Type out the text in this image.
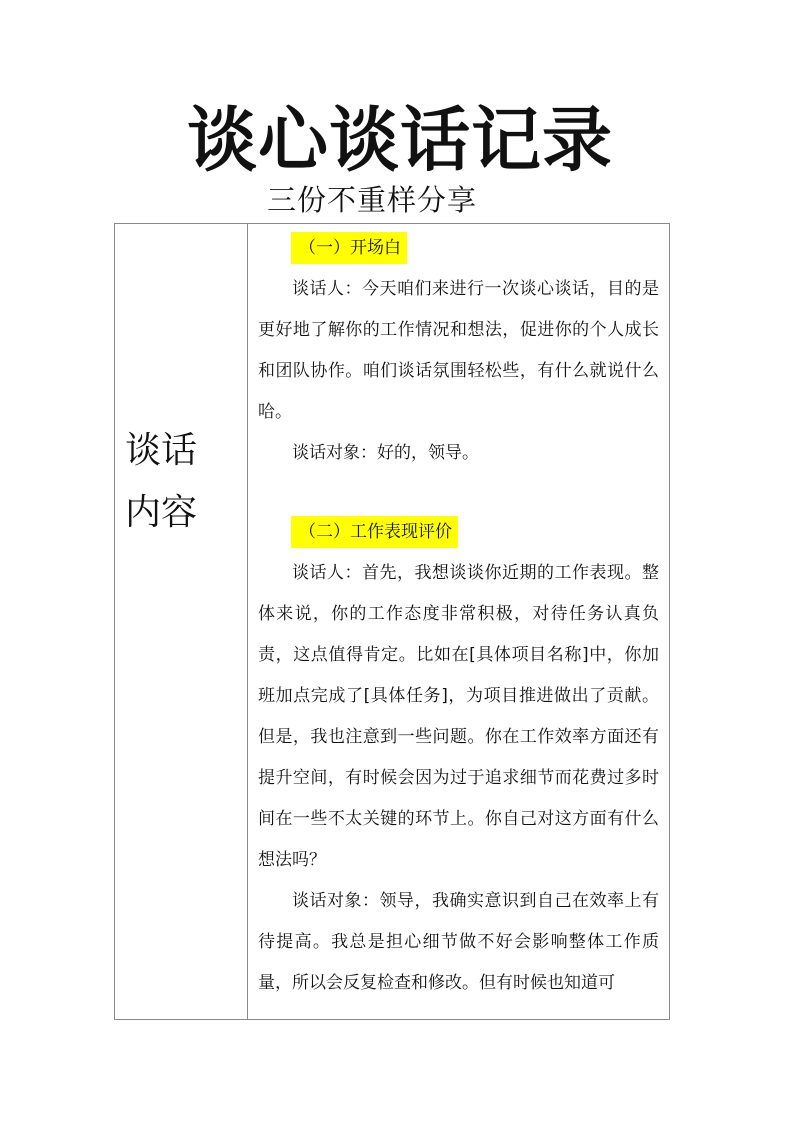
谈心谈话记录
三份不重样分享
谈话
内容
（一）开场白

谈话人：今天咱们来进行一次谈心谈话，目的是更好地了解你的工作情况和想法，促进你的个人成长和团队协作。咱们谈话氛围轻松些，有什么就说什么哈。

谈话对象：好的，领导。

（二）工作表现评价

谈话人：首先，我想谈谈你近期的工作表现。整体来说，你的工作态度非常积极，对待任务认真负责，这点值得肯定。比如在[具体项目名称]中，你加班加点完成了[具体任务]，为项目推进做出了贡献。但是，我也注意到一些问题。你在工作效率方面还有提升空间，有时候会因为过于追求细节而花费过多时间在一些不太关键的环节上。你自己对这方面有什么想法吗？

谈话对象：领导，我确实意识到自己在效率上有待提高。我总是担心细节做不好会影响整体工作质量，所以会反复检查和修改。但有时候也知道可
